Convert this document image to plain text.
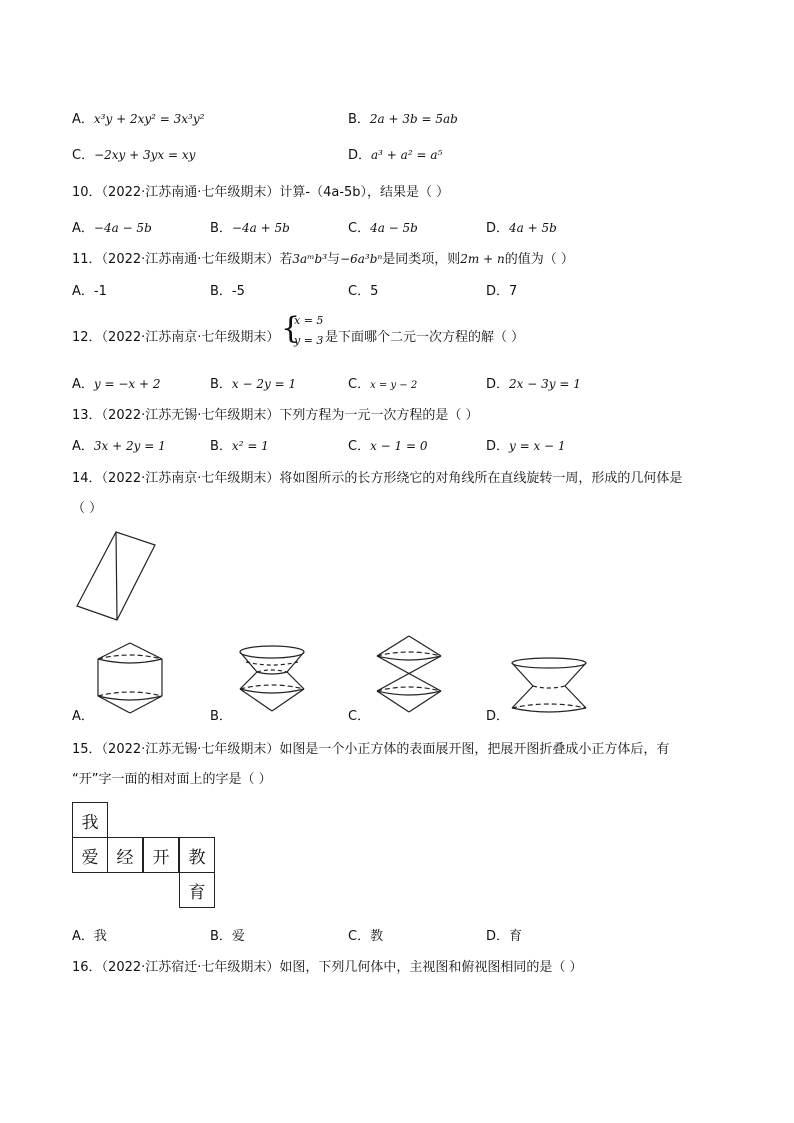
A．x³y + 2xy² = 3x³y²	B．2a + 3b = 5ab
C．−2xy + 3yx = xy	D．a³ + a² = a⁵
10．（2022·江苏南通·七年级期末）计算-（4a-5b），结果是（ ）
A．−4a − 5b	B．−4a + 5b	C．4a − 5b	D．4a + 5b
11．（2022·江苏南通·七年级期末）若3aᵐb³与−6a³bⁿ是同类项，则2m + n的值为（ ）
A．-1	B．-5	C．5	D．7
12．（2022·江苏南京·七年级期末） {
x = 5
y = 3 是下面哪个二元一次方程的解（ ）
A．y = −x + 2	B．x − 2y = 1	C．x = y − 2	D．2x − 3y = 1
13．（2022·江苏无锡·七年级期末）下列方程为一元一次方程的是（ ）
A．3x + 2y = 1	B．x² = 1	C．x − 1 = 0	D．y = x − 1
14．（2022·江苏南京·七年级期末）将如图所示的长方形绕它的对角线所在直线旋转一周，形成的几何体是
（ ）
A．	B．	C．	D．
15．（2022·江苏无锡·七年级期末）如图是一个小正方体的表面展开图，把展开图折叠成小正方体后，有
“开”字一面的相对面上的字是（ ）
我
爱	经	开	教
育
A．我	B．爱	C．教	D．育
16．（2022·江苏宿迁·七年级期末）如图，下列几何体中，主视图和俯视图相同的是（ ）
